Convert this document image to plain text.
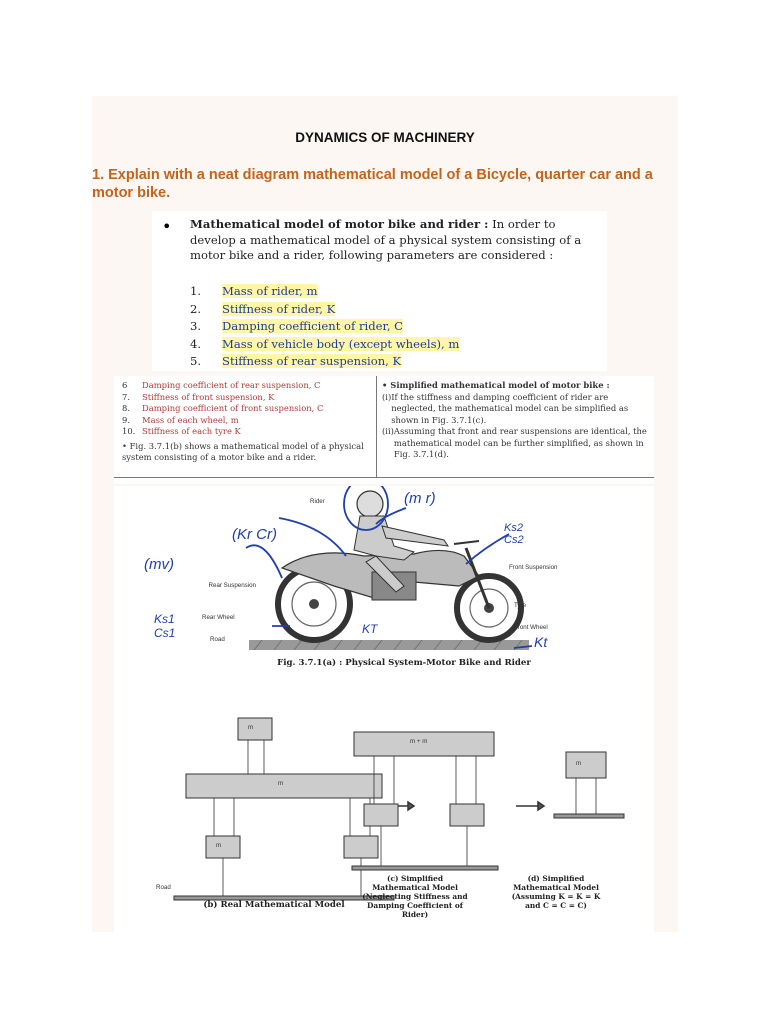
DYNAMICS OF MACHINERY
1. Explain with a neat diagram mathematical model of a Bicycle, quarter car and a motor bike.
• Mathematical model of motor bike and rider : In order to develop a mathematical model of a physical system consisting of a motor bike and a rider, following parameters are considered :
1. Mass of rider, m
2. Stiffness of rider, K
3. Damping coefficient of rider, C
4. Mass of vehicle body (except wheels), m
5. Stiffness of rear suspension, K
6 Damping coefficient of rear suspension, C
7. Stiffness of front suspension, K
8. Damping coefficient of front suspension, C
9. Mass of each wheel, m
10. Stiffness of each tyre K
• Fig. 3.7.1(b) shows a mathematical model of a physical system consisting of a motor bike and a rider.
• Simplified mathematical model of motor bike :
(i) If the stiffness and damping coefficient of rider are neglected, the mathematical model can be simplified as shown in Fig. 3.7.1(c).
(ii) Assuming that front and rear suspensions are identical, the mathematical model can be further simplified, as shown in Fig. 3.7.1(d).
Rider
Front Suspension
Rear Suspension
Rear Wheel
Tyre
Front Wheel
Road
(m r)
(Kr Cr)
(mv)
Ks2 Cs2
Ks1 Cs1	KT
Kt
m
m
m
m + m
m
Road
Fig. 3.7.1(a) : Physical System-Motor Bike and Rider
(b) Real Mathematical Model
(c) Simplified Mathematical Model (Neglecting Stiffness and Damping Coefficient of Rider)
(d) Simplified Mathematical Model (Assuming K = K = K and C = C = C)
